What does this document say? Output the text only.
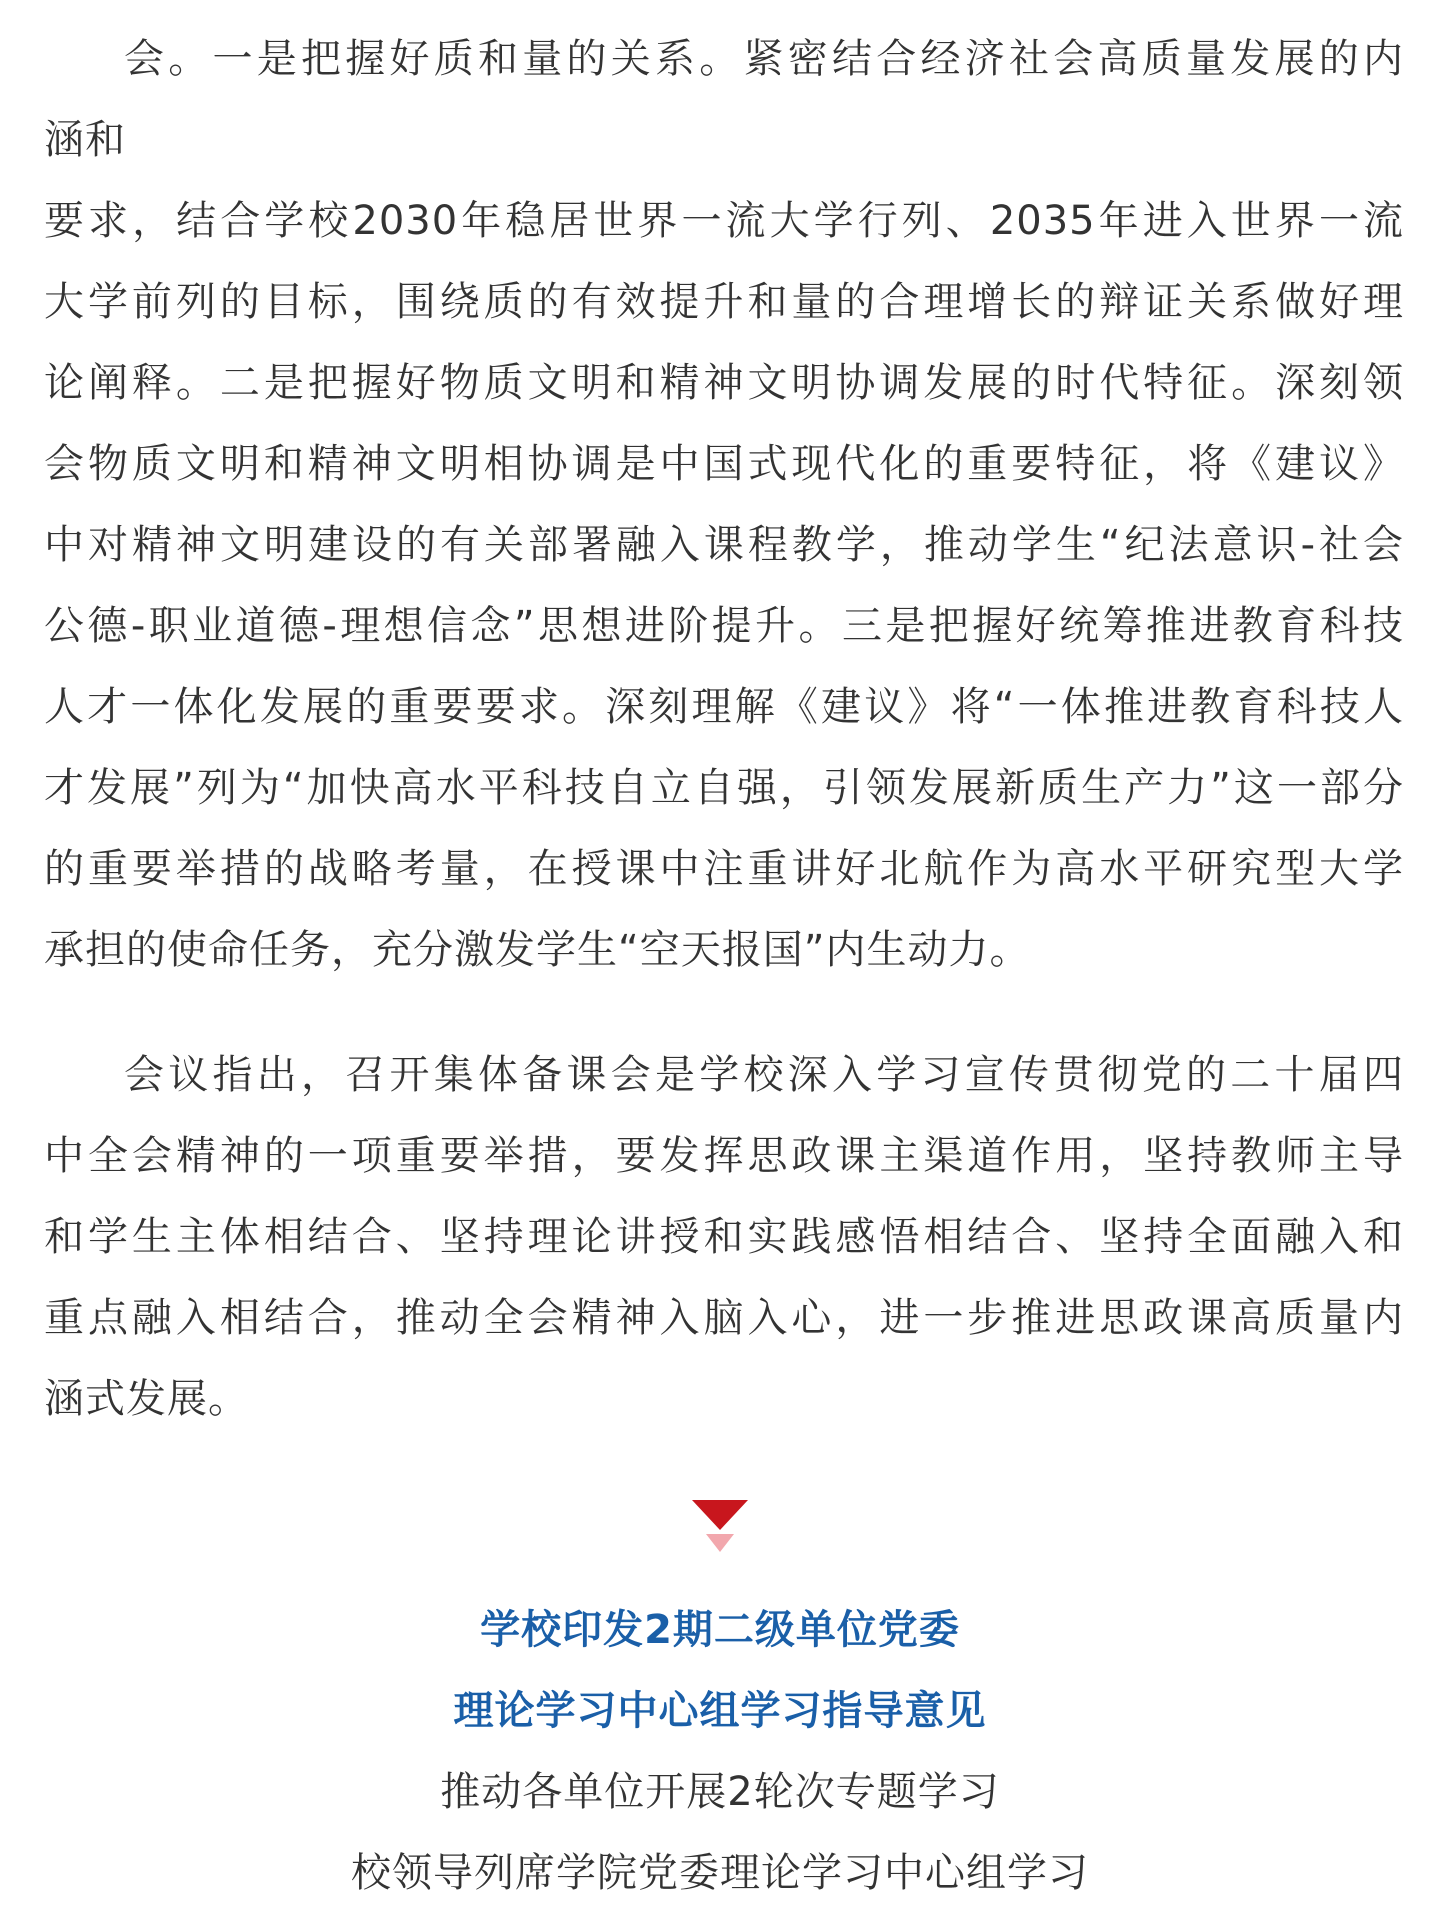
会。一是把握好质和量的关系。紧密结合经济社会高质量发展的内
涵和
要求，结合学校2030年稳居世界一流大学行列、2035年进入世界一流
大学前列的目标，围绕质的有效提升和量的合理增长的辩证关系做好理
论阐释。二是把握好物质文明和精神文明协调发展的时代特征。深刻领
会物质文明和精神文明相协调是中国式现代化的重要特征，将《建议》
中对精神文明建设的有关部署融入课程教学，推动学生“纪法意识-社会
公德-职业道德-理想信念”思想进阶提升。三是把握好统筹推进教育科技
人才一体化发展的重要要求。深刻理解《建议》将“一体推进教育科技人
才发展”列为“加快高水平科技自立自强，引领发展新质生产力”这一部分
的重要举措的战略考量，在授课中注重讲好北航作为高水平研究型大学
承担的使命任务，充分激发学生“空天报国”内生动力。

会议指出，召开集体备课会是学校深入学习宣传贯彻党的二十届四
中全会精神的一项重要举措，要发挥思政课主渠道作用，坚持教师主导
和学生主体相结合、坚持理论讲授和实践感悟相结合、坚持全面融入和
重点融入相结合，推动全会精神入脑入心，进一步推进思政课高质量内
涵式发展。

学校印发2期二级单位党委
理论学习中心组学习指导意见
推动各单位开展2轮次专题学习
校领导列席学院党委理论学习中心组学习
